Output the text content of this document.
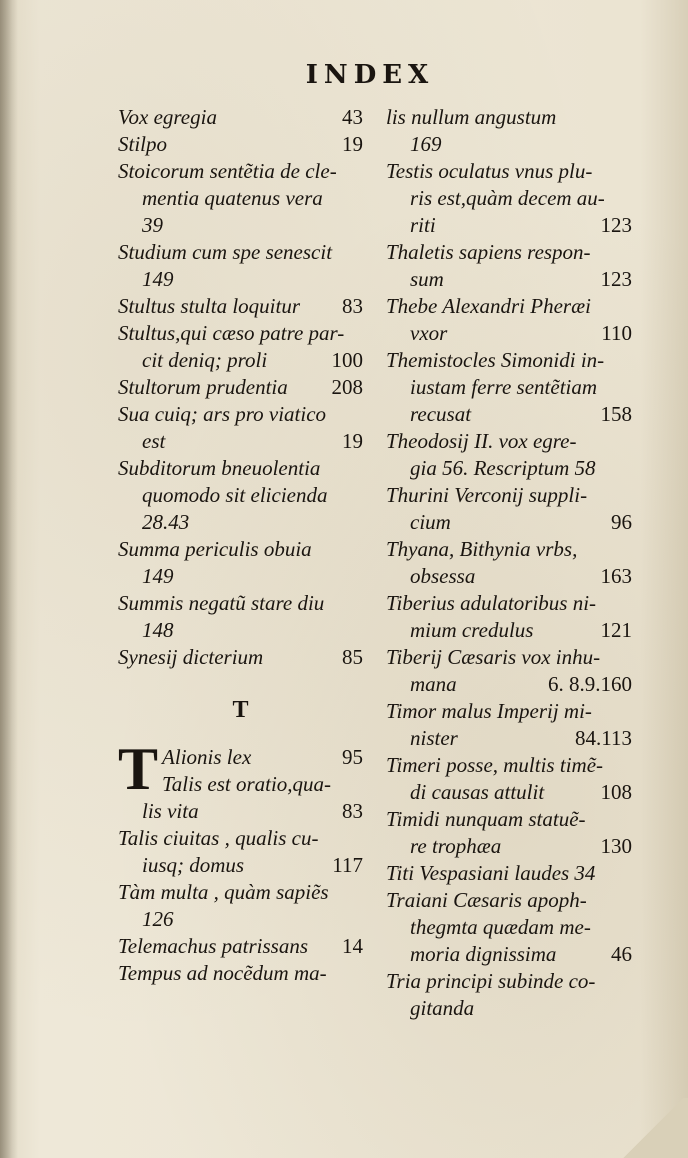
INDEX
Vox egregia	43
Stilpo	19
Stoicorum sentẽtia de cle-
mentia quatenus vera
39
Studium cum spe senescit
149
Stultus stulta loquitur 83
Stultus,qui cæso patre par-
cit deniq; proli	100
Stultorum prudentia 208
Sua cuiq; ars pro viatico
est	19
Subditorum bneuolentia
quomodo sit elicienda
28.43
Summa periculis obuia
149
Summis negatũ stare diu
148
Synesij dicterium	85
T
T Alionis lex	95
Talis est oratio,qua-
lis vita	83
Talis ciuitas , qualis cu-
iusq; domus	117
Tàm multa , quàm sapiẽs
126
Telemachus patrissans 14
Tempus ad nocẽdum ma-
lis nullum angustum
169
Testis oculatus vnus plu-
ris est,quàm decem au-
riti	123
Thaletis sapiens respon-
sum	123
Thebe Alexandri Pheræi
vxor	110
Themistocles Simonidi in-
iustam ferre sentẽtiam
recusat	158
Theodosij II. vox egre-
gia 56. Rescriptum 58
Thurini Verconij suppli-
cium	96
Thyana, Bithynia vrbs,
obsessa	163
Tiberius adulatoribus ni-
mium credulus	121
Tiberij Cæsaris vox inhu-
mana	6. 8.9.160
Timor malus Imperij mi-
nister	84.113
Timeri posse, multis timẽ-
di causas attulit	108
Timidi nunquam statuẽ-
re trophæa	130
Titi Vespasiani laudes 34
Traiani Cæsaris apoph-
thegmta quædam me-
moria dignissima	46
Tria principi subinde co-
gitanda
